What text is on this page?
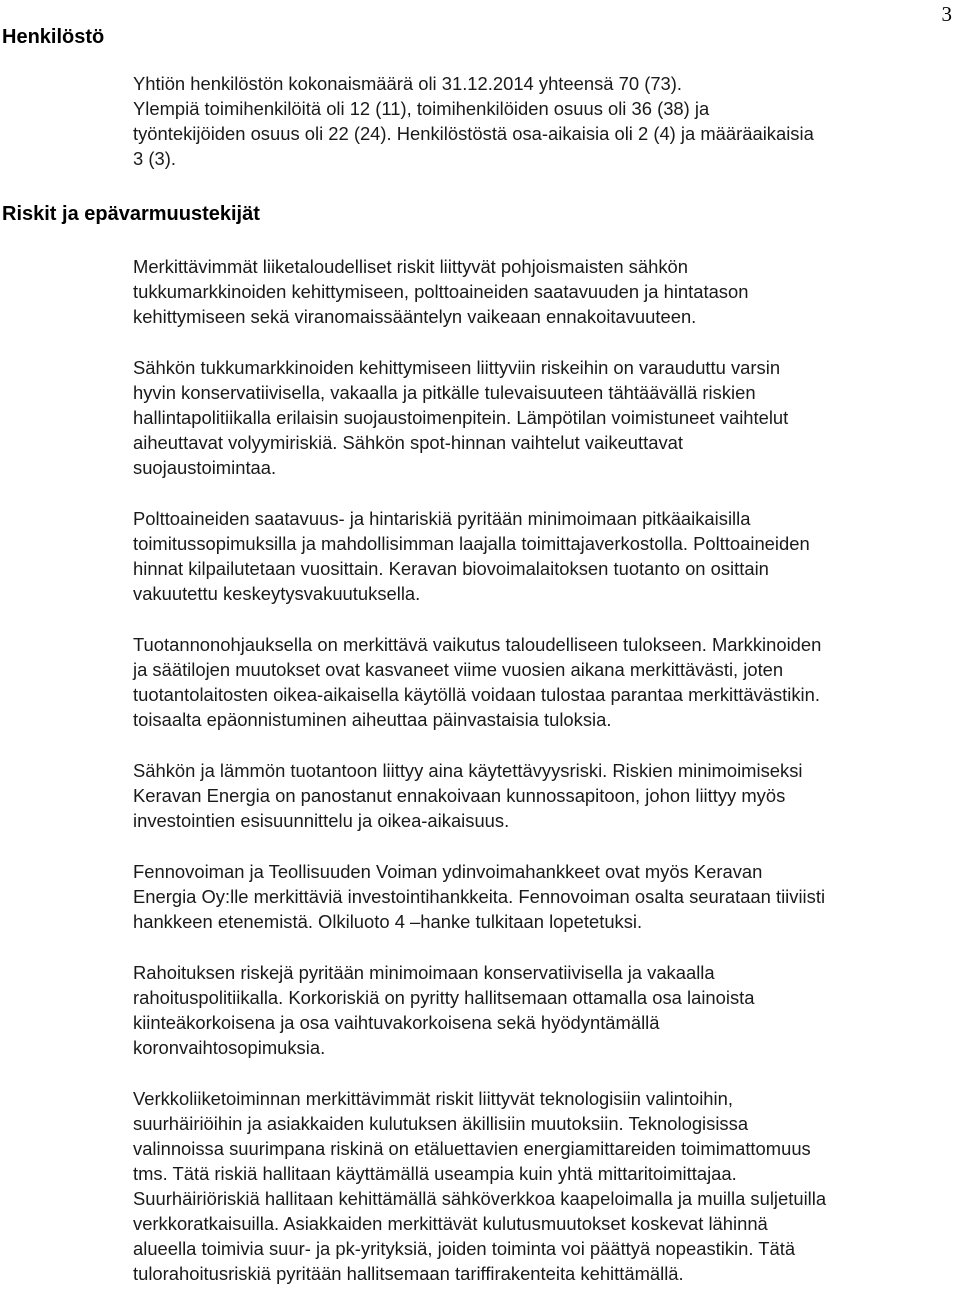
3
Henkilöstö

Yhtiön henkilöstön kokonaismäärä oli 31.12.2014 yhteensä 70 (73).
Ylempiä toimihenkilöitä oli 12 (11), toimihenkilöiden osuus oli 36 (38) ja
työntekijöiden osuus oli 22 (24). Henkilöstöstä osa-aikaisia oli 2 (4) ja määräaikaisia
3 (3).

Riskit ja epävarmuustekijät

Merkittävimmät liiketaloudelliset riskit liittyvät pohjoismaisten sähkön
tukkumarkkinoiden kehittymiseen, polttoaineiden saatavuuden ja hintatason
kehittymiseen sekä viranomaissääntelyn vaikeaan ennakoitavuuteen.

Sähkön tukkumarkkinoiden kehittymiseen liittyviin riskeihin on varauduttu varsin
hyvin konservatiivisella, vakaalla ja pitkälle tulevaisuuteen tähtäävällä riskien
hallintapolitiikalla erilaisin suojaustoimenpitein. Lämpötilan voimistuneet vaihtelut
aiheuttavat volyymiriskiä. Sähkön spot-hinnan vaihtelut vaikeuttavat
suojaustoimintaa.

Polttoaineiden saatavuus- ja hintariskiä pyritään minimoimaan pitkäaikaisilla
toimitussopimuksilla ja mahdollisimman laajalla toimittajaverkostolla. Polttoaineiden
hinnat kilpailutetaan vuosittain. Keravan biovoimalaitoksen tuotanto on osittain
vakuutettu keskeytysvakuutuksella.

Tuotannonohjauksella on merkittävä vaikutus taloudelliseen tulokseen. Markkinoiden
ja säätilojen muutokset ovat kasvaneet viime vuosien aikana merkittävästi, joten
tuotantolaitosten oikea-aikaisella käytöllä voidaan tulostaa parantaa merkittävästikin.
toisaalta epäonnistuminen aiheuttaa päinvastaisia tuloksia.

Sähkön ja lämmön tuotantoon liittyy aina käytettävyysriski. Riskien minimoimiseksi
Keravan Energia on panostanut ennakoivaan kunnossapitoon, johon liittyy myös
investointien esisuunnittelu ja oikea-aikaisuus.

Fennovoiman ja Teollisuuden Voiman ydinvoimahankkeet ovat myös Keravan
Energia Oy:lle merkittäviä investointihankkeita. Fennovoiman osalta seurataan tiiviisti
hankkeen etenemistä. Olkiluoto 4 –hanke tulkitaan lopetetuksi.

Rahoituksen riskejä pyritään minimoimaan konservatiivisella ja vakaalla
rahoituspolitiikalla. Korkoriskiä on pyritty hallitsemaan ottamalla osa lainoista
kiinteäkorkoisena ja osa vaihtuvakorkoisena sekä hyödyntämällä
koronvaihtosopimuksia.

Verkkoliiketoiminnan merkittävimmät riskit liittyvät teknologisiin valintoihin,
suurhäiriöihin ja asiakkaiden kulutuksen äkillisiin muutoksiin. Teknologisissa
valinnoissa suurimpana riskinä on etäluettavien energiamittareiden toimimattomuus
tms. Tätä riskiä hallitaan käyttämällä useampia kuin yhtä mittaritoimittajaa.
Suurhäiriöriskiä hallitaan kehittämällä sähköverkkoa kaapeloimalla ja muilla suljetuilla
verkkoratkaisuilla. Asiakkaiden merkittävät kulutusmuutokset koskevat lähinnä
alueella toimivia suur- ja pk-yrityksiä, joiden toiminta voi päättyä nopeastikin. Tätä
tulorahoitusriskiä pyritään hallitsemaan tariffirakenteita kehittämällä.
